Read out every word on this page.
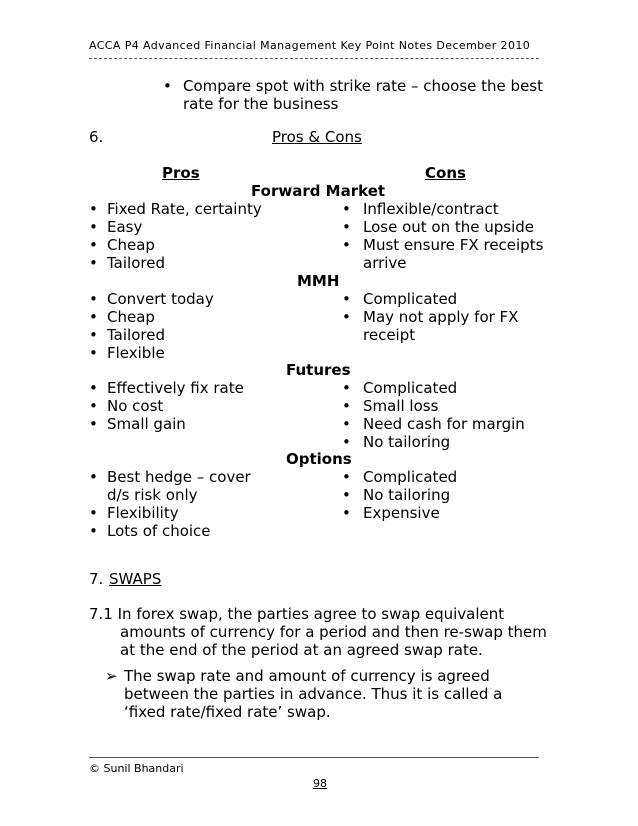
ACCA P4 Advanced Financial Management Key Point Notes December 2010
• Compare spot with strike rate – choose the best
rate for the business
6.	Pros & Cons
Pros	Cons
Forward Market
• Fixed Rate, certainty
• Easy
• Cheap
• Tailored
• Inflexible/contract
• Lose out on the upside
• Must ensure FX receipts
arrive
MMH
• Convert today
• Cheap
• Tailored
• Flexible
• Complicated
• May not apply for FX
receipt
Futures
• Effectively fix rate
• No cost
• Small gain
• Complicated
• Small loss
• Need cash for margin
• No tailoring
Options
• Best hedge – cover
d/s risk only
• Flexibility
• Lots of choice
• Complicated
• No tailoring
• Expensive
7. SWAPS
7.1 In forex swap, the parties agree to swap equivalent
amounts of currency for a period and then re-swap them
at the end of the period at an agreed swap rate.
➢ The swap rate and amount of currency is agreed
between the parties in advance. Thus it is called a
‘fixed rate/fixed rate’ swap.
© Sunil Bhandari
98
